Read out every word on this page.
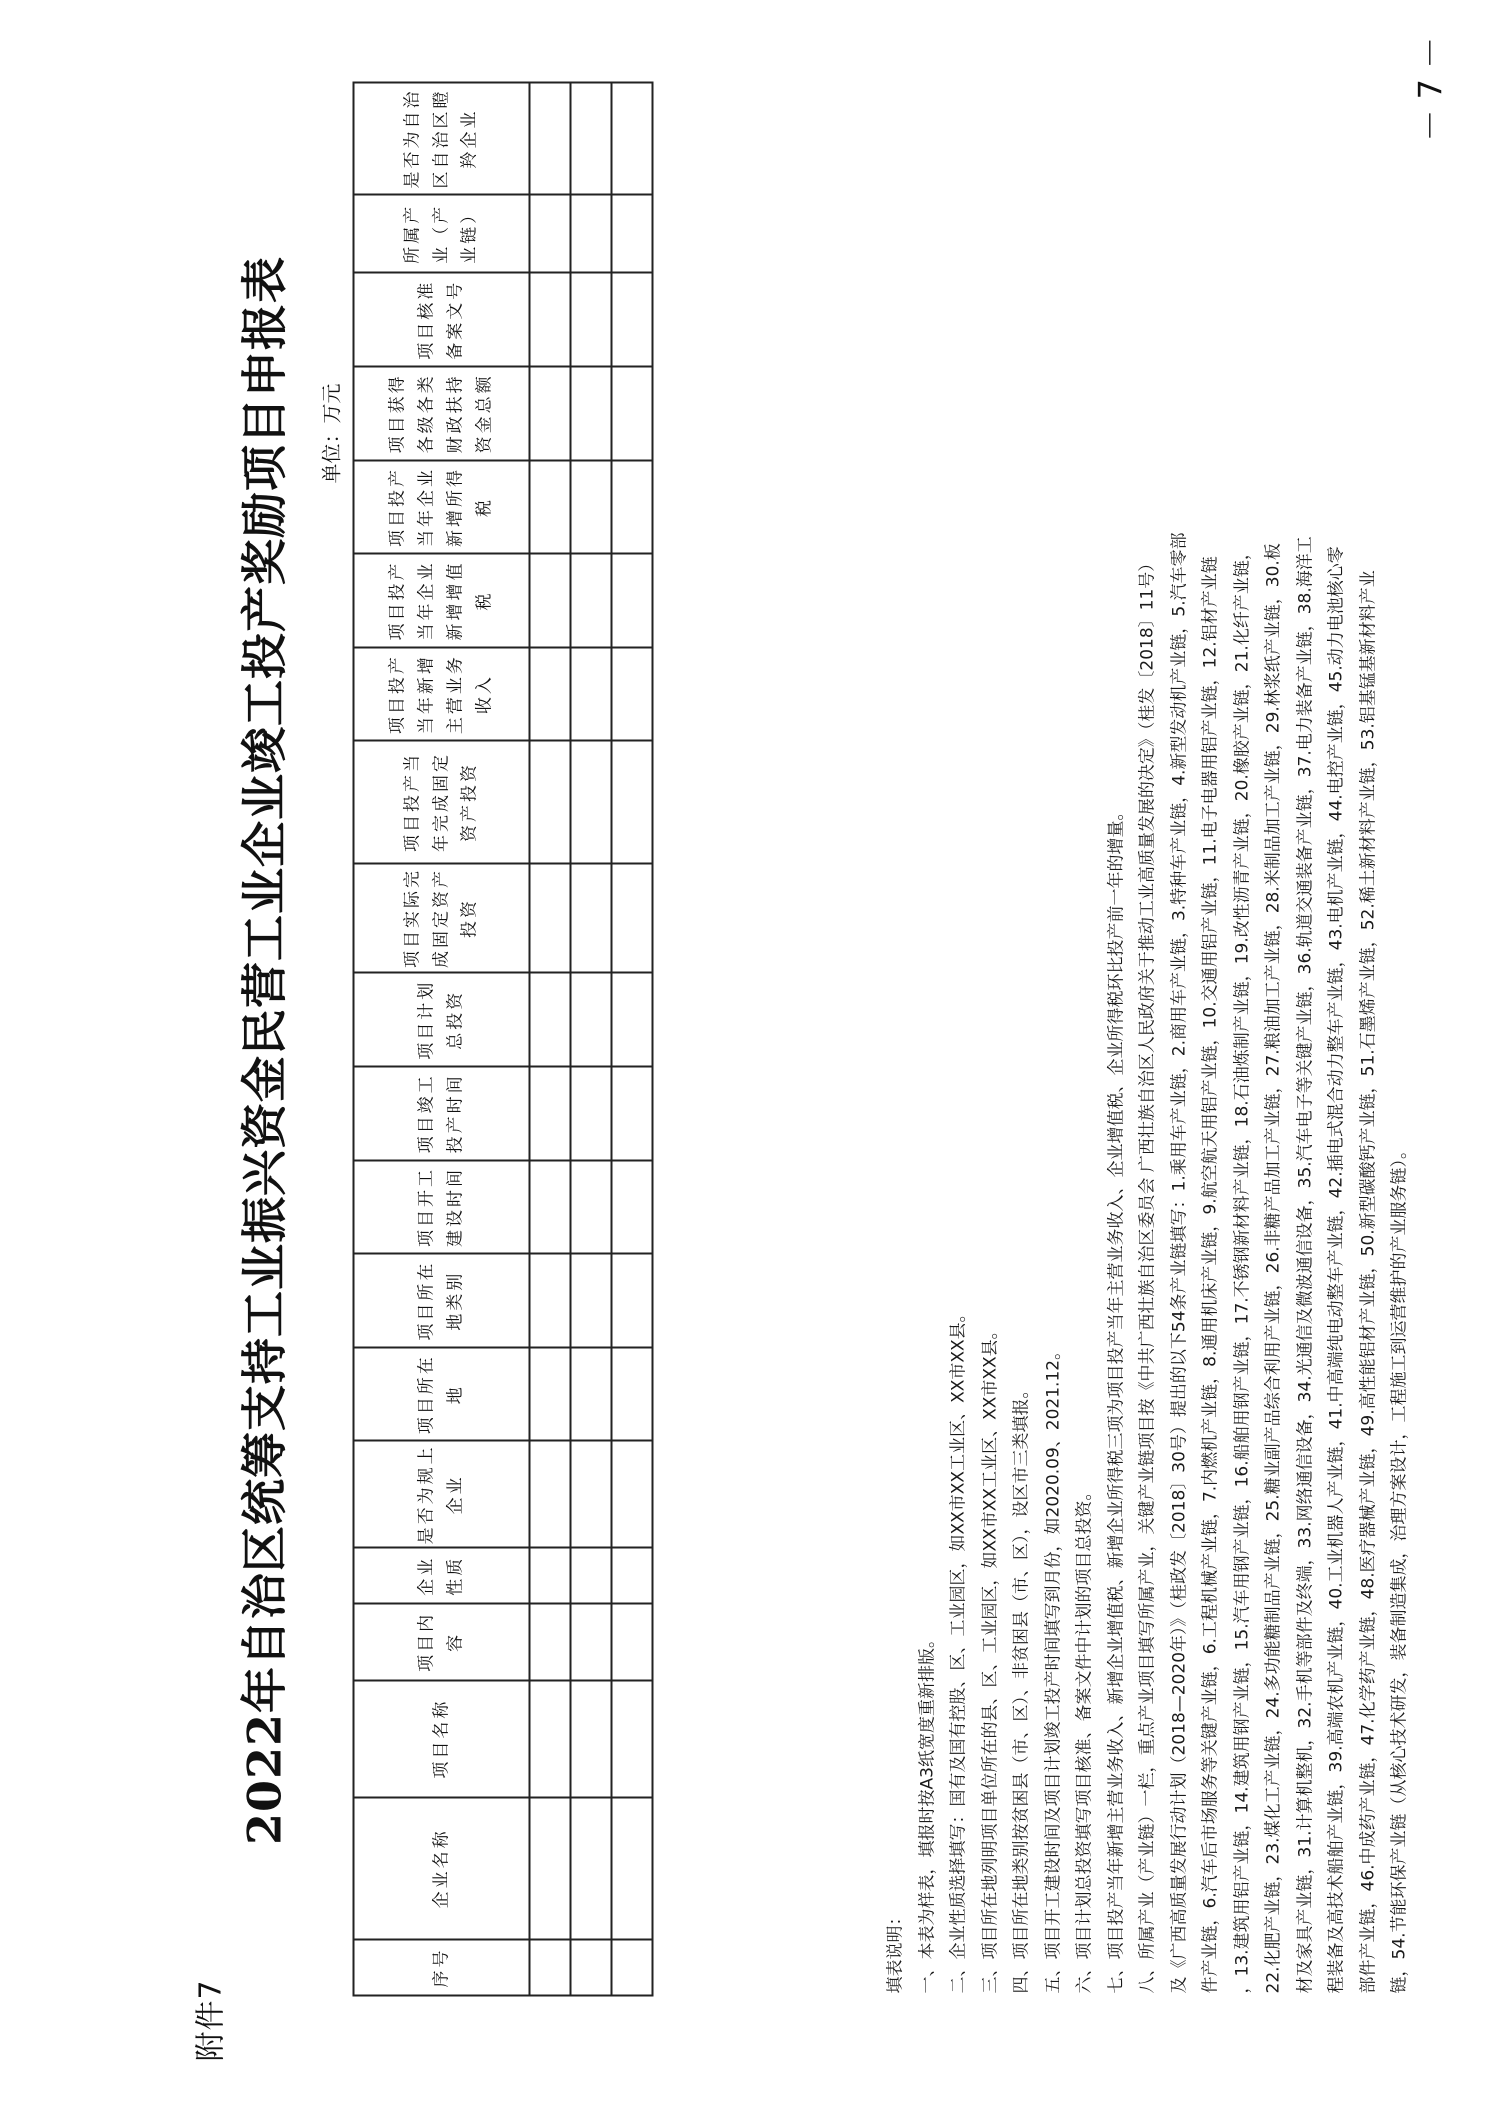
附件7
2022年自治区统筹支持工业振兴资金民营工业企业竣工投产奖励项目申报表 单位：万元
序号	企业名称	项目名称	项目内容	企业性质	是否为规上企业	项目所在地	项目所在地类别	项目开工建设时间	项目竣工投产时间	项目计划总投资	项目实际完成固定资产投资	项目投产当年完成固定资产投资	项目投产当年新增主营业务收入	项目投产当年企业新增增值税	项目投产当年企业新增所得税	项目获得各级各类财政扶持资金总额	项目核准备案文号	所属产业（产业链）	是否为自治区自治区瞪羚企业

填表说明： 一、本表为样表，填报时按A3纸宽度重新排版。 二、企业性质选择填写：国有及国有控股、区、工业园区，如XX市XX工业区、XX市XX县。 三、项目所在地列明项目单位所在的县、区、工业园区，如XX市XX工业区、XX市XX县。 四、项目所在地类别按贫困县（市、区）、非贫困县（市、区），设区市三类填报。 五、项目开工建设时间及项目计划竣工投产时间填写到月份，如2020.09、2021.12。 六、项目计划总投资填写项目核准、备案文件中计划的项目总投资。 七、项目投产当年新增主营业务收入、新增企业增值税、新增企业所得税三项为项目投产当年主营业务收入、企业增值税、企业所得税环比投产前一年的增量。 八、所属产业（产业链）一栏，重点产业项目填写所属产业，关键产业链项目按《中共广西壮族自治区委员会 广西壮族自治区人民政府关于推动工业高质量发展的决定》（桂发〔2018〕11号） 及《广西高质量发展行动计划（2018—2020年）》（桂政发〔2018〕30号）提出的以下54条产业链填写：1.乘用车产业链，2.商用车产业链，3.特种车产业链，4.新型发动机产业链，5.汽车零部 件产业链，6.汽车后市场服务等关键产业链，6.工程机械产业链，7.内燃机产业链，8.通用机床产业链，9.航空航天用铝产业链，10.交通用铝产业链，11.电子电器用铝产业链，12.铝材产业链 ，13.建筑用铝产业链，14.建筑用钢产业链，15.汽车用钢产业链，16.船舶用钢产业链，17.不锈钢新材料产业链，18.石油炼制产业链，19.改性沥青产业链，20.橡胶产业链，21.化纤产业链， 22.化肥产业链，23.煤化工产业链，24.多功能糖制品产业链，25.糖业副产品综合利用产业链，26.非糖产品加工产业链，27.粮油加工产业链，28.米制品加工产业链，29.林浆纸产业链，30.板 材及家具产业链，31.计算机整机，32.手机等部件及终端，33.网络通信设备，34.光通信及微波通信设备，35.汽车电子等关键产业链，36.轨道交通装备产业链，37.电力装备产业链，38.海洋工 程装备及高技术船舶产业链，39.高端农机产业链，40.工业机器人产业链，41.中高端纯电动整车产业链，42.插电式混合动力整车产业链，43.电机产业链，44.电控产业链，45.动力电池核心零 部件产业链，46.中成药产业链，47.化学药产业链，48.医疗器械产业链，49.高性能铝材产业链，50.新型碳酸钙产业链，51.石墨烯产业链，52.稀土新材料产业链，53.铝基锰基新材料产业 链，54.节能环保产业链（从核心技术研发，装备制造集成，治理方案设计，工程施工到运营维护的产业服务链）。

－ 7 －
